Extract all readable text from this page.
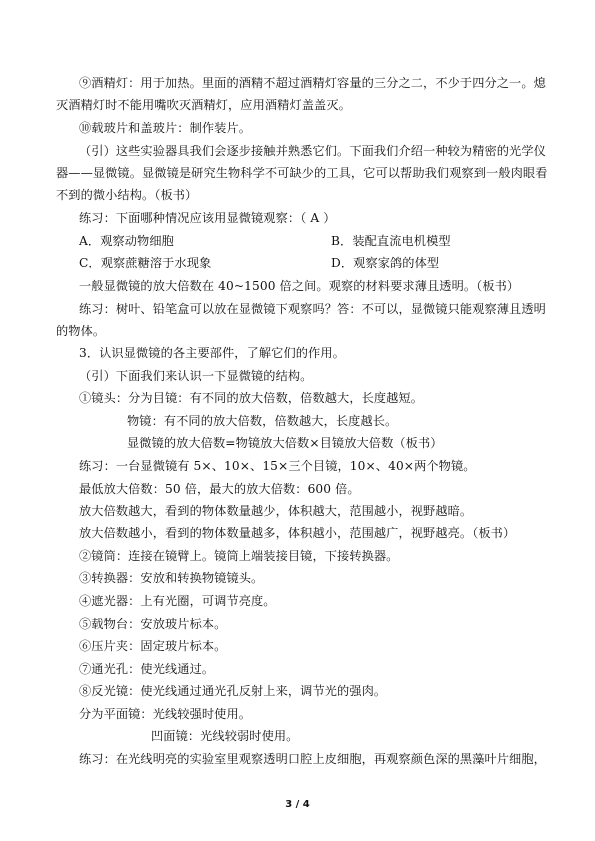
⑨酒精灯：用于加热。里面的酒精不超过酒精灯容量的三分之二，不少于四分之一。熄
灭酒精灯时不能用嘴吹灭酒精灯，应用酒精灯盖盖灭。
⑩载玻片和盖玻片：制作装片。
（引）这些实验器具我们会逐步接触并熟悉它们。下面我们介绍一种较为精密的光学仪
器——显微镜。显微镜是研究生物科学不可缺少的工具，它可以帮助我们观察到一般肉眼看
不到的微小结构。（板书）
练习：下面哪种情况应该用显微镜观察：（ A ）
A．观察动物细胞	B．装配直流电机模型
C．观察蔗糖溶于水现象	D．观察家鸽的体型
一般显微镜的放大倍数在 40~1500 倍之间。观察的材料要求薄且透明。（板书）
练习：树叶、铅笔盒可以放在显微镜下观察吗？答：不可以，显微镜只能观察薄且透明
的物体。
3．认识显微镜的各主要部件，了解它们的作用。
（引）下面我们来认识一下显微镜的结构。
①镜头：分为目镜：有不同的放大倍数，倍数越大，长度越短。
物镜：有不同的放大倍数，倍数越大，长度越长。
显微镜的放大倍数=物镜放大倍数×目镜放大倍数（板书）
练习：一台显微镜有 5×、10×、15×三个目镜，10×、40×两个物镜。
最低放大倍数：50 倍，最大的放大倍数：600 倍。
放大倍数越大，看到的物体数量越少，体积越大，范围越小，视野越暗。
放大倍数越小，看到的物体数量越多，体积越小，范围越广，视野越亮。（板书）
②镜筒：连接在镜臂上。镜筒上端装接目镜，下接转换器。
③转换器：安放和转换物镜镜头。
④遮光器：上有光圈，可调节亮度。
⑤载物台：安放玻片标本。
⑥压片夹：固定玻片标本。
⑦通光孔：使光线通过。
⑧反光镜：使光线通过通光孔反射上来，调节光的强肉。
分为平面镜：光线较强时使用。
凹面镜：光线较弱时使用。
练习：在光线明亮的实验室里观察透明口腔上皮细胞，再观察颜色深的黑藻叶片细胞，
3 / 4
